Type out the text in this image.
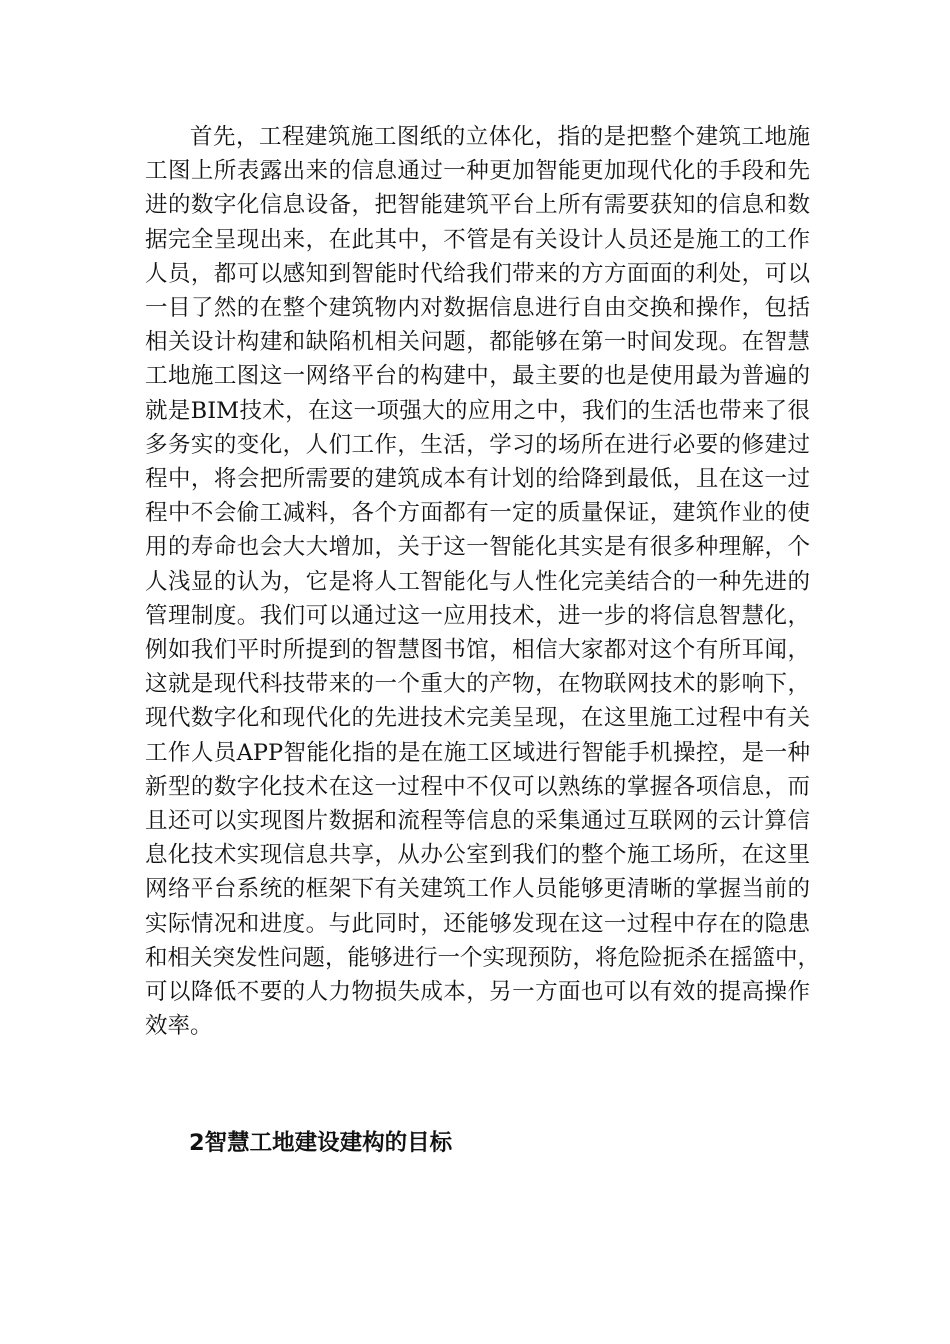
首先，工程建筑施工图纸的立体化，指的是把整个建筑工地施
工图上所表露出来的信息通过一种更加智能更加现代化的手段和先
进的数字化信息设备，把智能建筑平台上所有需要获知的信息和数
据完全呈现出来，在此其中，不管是有关设计人员还是施工的工作
人员，都可以感知到智能时代给我们带来的方方面面的利处，可以
一目了然的在整个建筑物内对数据信息进行自由交换和操作，包括
相关设计构建和缺陷机相关问题，都能够在第一时间发现。在智慧
工地施工图这一网络平台的构建中，最主要的也是使用最为普遍的
就是BIM技术，在这一项强大的应用之中，我们的生活也带来了很
多务实的变化，人们工作，生活，学习的场所在进行必要的修建过
程中，将会把所需要的建筑成本有计划的给降到最低，且在这一过
程中不会偷工减料，各个方面都有一定的质量保证，建筑作业的使
用的寿命也会大大增加，关于这一智能化其实是有很多种理解，个
人浅显的认为，它是将人工智能化与人性化完美结合的一种先进的
管理制度。我们可以通过这一应用技术，进一步的将信息智慧化，
例如我们平时所提到的智慧图书馆，相信大家都对这个有所耳闻，
这就是现代科技带来的一个重大的产物，在物联网技术的影响下，
现代数字化和现代化的先进技术完美呈现，在这里施工过程中有关
工作人员APP智能化指的是在施工区域进行智能手机操控，是一种
新型的数字化技术在这一过程中不仅可以熟练的掌握各项信息，而
且还可以实现图片数据和流程等信息的采集通过互联网的云计算信
息化技术实现信息共享，从办公室到我们的整个施工场所，在这里
网络平台系统的框架下有关建筑工作人员能够更清晰的掌握当前的
实际情况和进度。与此同时，还能够发现在这一过程中存在的隐患
和相关突发性问题，能够进行一个实现预防，将危险扼杀在摇篮中，
可以降低不要的人力物损失成本，另一方面也可以有效的提高操作
效率。

2智慧工地建设建构的目标
